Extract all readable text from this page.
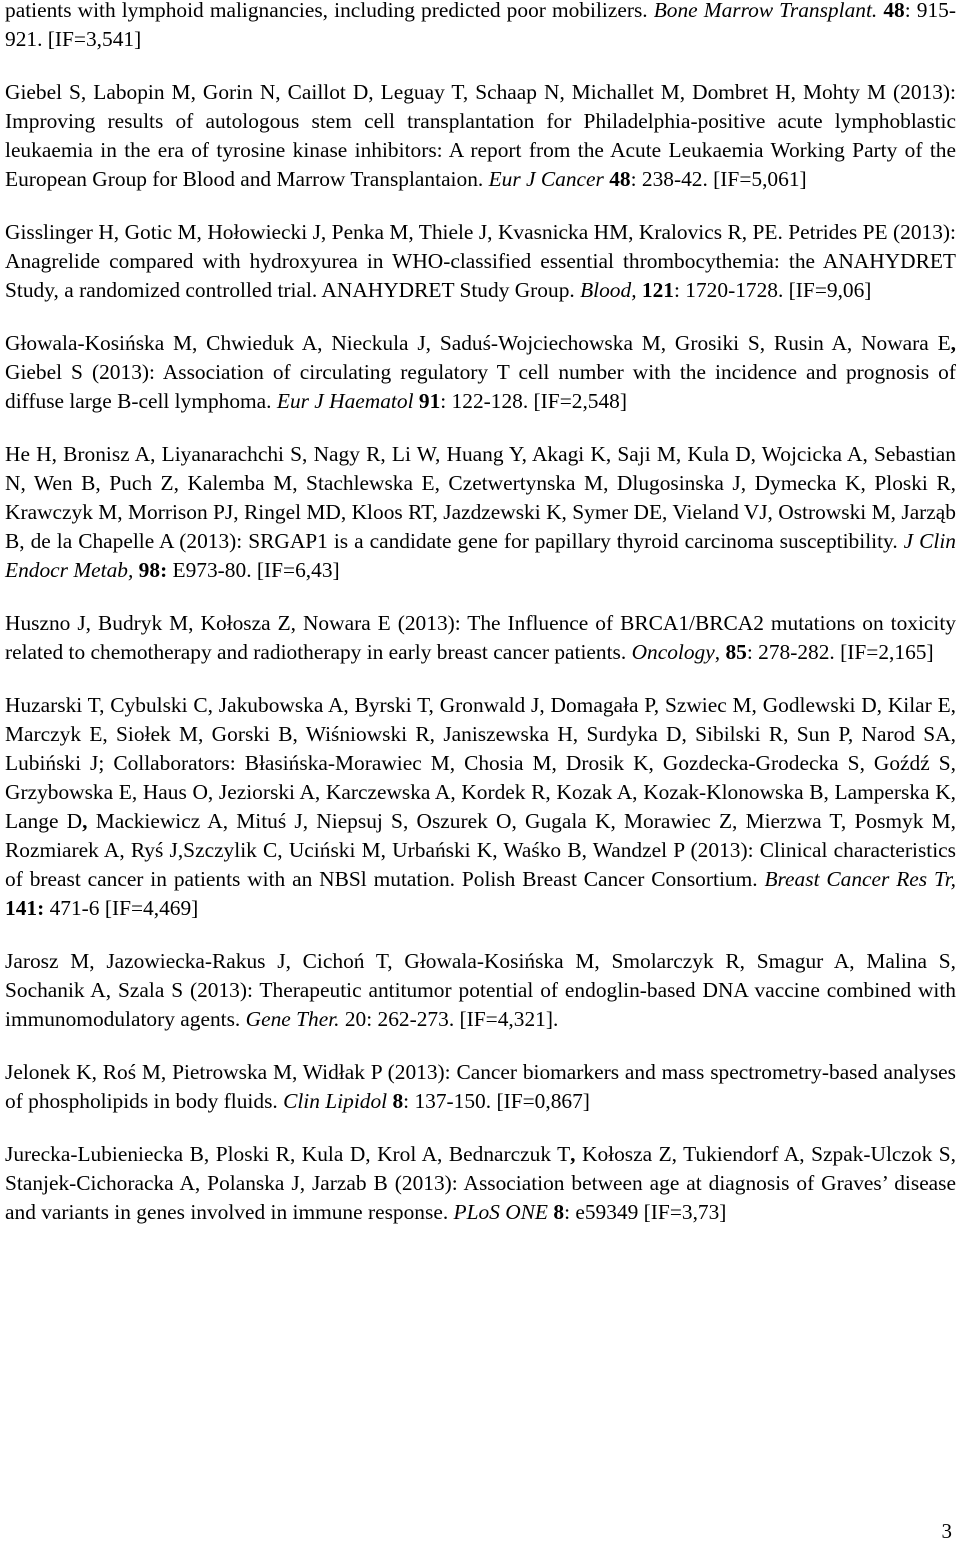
patients with lymphoid malignancies, including predicted poor mobilizers. Bone Marrow Transplant. 48: 915-921. [IF=3,541]

Giebel S, Labopin M, Gorin N, Caillot D, Leguay T, Schaap N, Michallet M, Dombret H, Mohty M (2013): Improving results of autologous stem cell transplantation for Philadelphia-positive acute lymphoblastic leukaemia in the era of tyrosine kinase inhibitors: A report from the Acute Leukaemia Working Party of the European Group for Blood and Marrow Transplantaion. Eur J Cancer 48: 238-42. [IF=5,061]

Gisslinger H, Gotic M, Hołowiecki J, Penka M, Thiele J, Kvasnicka HM, Kralovics R, PE. Petrides PE (2013): Anagrelide compared with hydroxyurea in WHO-classified essential thrombocythemia: the ANAHYDRET Study, a randomized controlled trial. ANAHYDRET Study Group. Blood, 121: 1720-1728. [IF=9,06]

Głowala-Kosińska M, Chwieduk A, Nieckula J, Saduś-Wojciechowska M, Grosiki S, Rusin A, Nowara E, Giebel S (2013): Association of circulating regulatory T cell number with the incidence and prognosis of diffuse large B-cell lymphoma. Eur J Haematol 91: 122-128. [IF=2,548]

He H, Bronisz A, Liyanarachchi S, Nagy R, Li W, Huang Y, Akagi K, Saji M, Kula D, Wojcicka A, Sebastian N, Wen B, Puch Z, Kalemba M, Stachlewska E, Czetwertynska M, Dlugosinska J, Dymecka K, Ploski R, Krawczyk M, Morrison PJ, Ringel MD, Kloos RT, Jazdzewski K, Symer DE, Vieland VJ, Ostrowski M, Jarząb B, de la Chapelle A (2013): SRGAP1 is a candidate gene for papillary thyroid carcinoma susceptibility. J Clin Endocr Metab, 98: E973-80. [IF=6,43]

Huszno J, Budryk M, Kołosza Z, Nowara E (2013): The Influence of BRCA1/BRCA2 mutations on toxicity related to chemotherapy and radiotherapy in early breast cancer patients. Oncology, 85: 278-282. [IF=2,165]

Huzarski T, Cybulski C, Jakubowska A, Byrski T, Gronwald J, Domagała P, Szwiec M, Godlewski D, Kilar E, Marczyk E, Siołek M, Gorski B, Wiśniowski R, Janiszewska H, Surdyka D, Sibilski R, Sun P, Narod SA, Lubiński J; Collaborators: Błasińska-Morawiec M, Chosia M, Drosik K, Gozdecka-Grodecka S, Goźdź S, Grzybowska E, Haus O, Jeziorski A, Karczewska A, Kordek R, Kozak A, Kozak-Klonowska B, Lamperska K, Lange D, Mackiewicz A, Mituś J, Niepsuj S, Oszurek O, Gugala K, Morawiec Z, Mierzwa T, Posmyk M, Rozmiarek A, Ryś J,Szczylik C, Uciński M, Urbański K, Waśko B, Wandzel P (2013): Clinical characteristics of breast cancer in patients with an NBSl mutation. Polish Breast Cancer Consortium. Breast Cancer Res Tr, 141: 471-6 [IF=4,469]

Jarosz M, Jazowiecka-Rakus J, Cichoń T, Głowala-Kosińska M, Smolarczyk R, Smagur A, Malina S, Sochanik A, Szala S (2013): Therapeutic antitumor potential of endoglin-based DNA vaccine combined with immunomodulatory agents. Gene Ther. 20: 262-273. [IF=4,321].

Jelonek K, Roś M, Pietrowska M, Widłak P (2013): Cancer biomarkers and mass spectrometry-based analyses of phospholipids in body fluids. Clin Lipidol 8: 137-150. [IF=0,867]

Jurecka-Lubieniecka B, Ploski R, Kula D, Krol A, Bednarczuk T, Kołosza Z, Tukiendorf A, Szpak-Ulczok S, Stanjek-Cichoracka A, Polanska J, Jarzab B (2013): Association between age at diagnosis of Graves’ disease and variants in genes involved in immune response. PLoS ONE 8: e59349 [IF=3,73]

3
